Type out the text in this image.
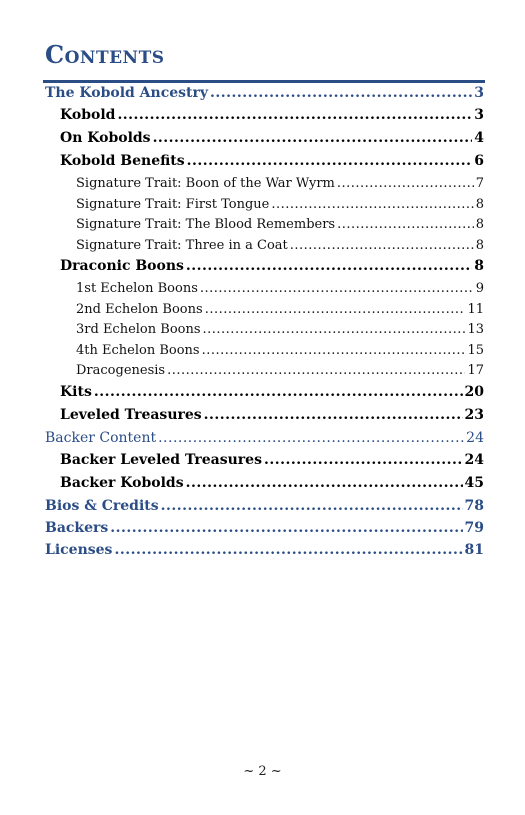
Contents
The Kobold Ancestry .....	3
Kobold .....	3
On Kobolds .....	4
Kobold Benefits .....	6
Signature Trait: Boon of the War Wyrm .....	7
Signature Trait: First Tongue .....	8
Signature Trait: The Blood Remembers .....	8
Signature Trait: Three in a Coat .....	8
Draconic Boons .....	8
1st Echelon Boons .....	9
2nd Echelon Boons .....	11
3rd Echelon Boons .....	13
4th Echelon Boons .....	15
Dracogenesis .....	17
Kits .....	20
Leveled Treasures .....	23
Backer Content .....	24
Backer Leveled Treasures .....	24
Backer Kobolds .....	45
Bios & Credits .....	78
Backers .....	79
Licenses .....	81
~ 2 ~
